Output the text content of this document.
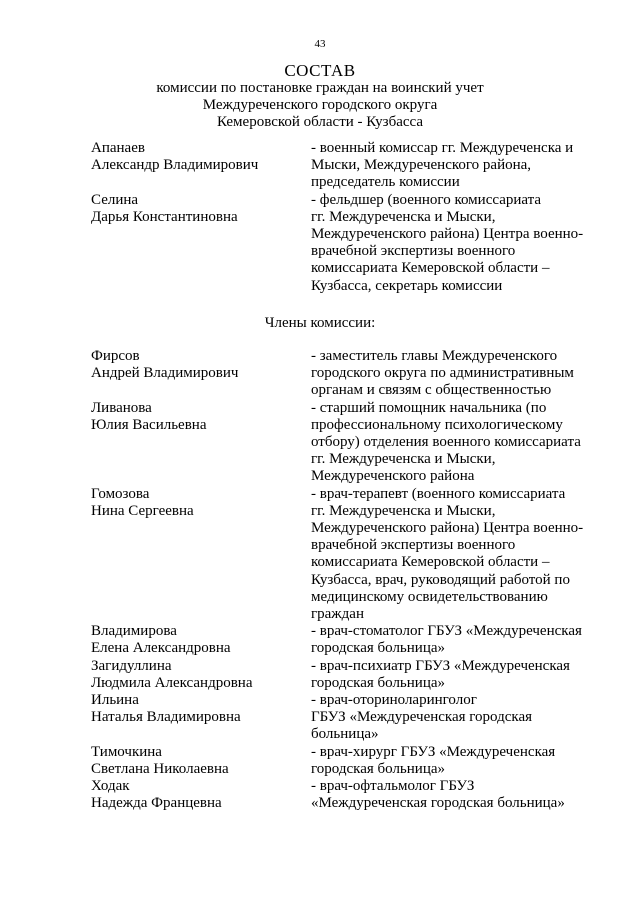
43
СОСТАВ
комиссии по постановке граждан на воинский учет
Междуреченского городского округа
Кемеровской области - Кузбасса
Апанаев
Александр Владимирович
- военный комиссар гг. Междуреченска и
Мыски, Междуреченского района,
председатель комиссии
Селина
Дарья Константиновна
- фельдшер (военного комиссариата
гг. Междуреченска и Мыски,
Междуреченского района) Центра военно-
врачебной экспертизы военного
комиссариата Кемеровской области –
Кузбасса, секретарь комиссии
Члены комиссии:
Фирсов
Андрей Владимирович
- заместитель главы Междуреченского
городского округа по административным
органам и связям с общественностью
Ливанова
Юлия Васильевна
- старший помощник начальника (по
профессиональному психологическому
отбору) отделения военного комиссариата
гг. Междуреченска и Мыски,
Междуреченского района
Гомозова
Нина Сергеевна
- врач-терапевт (военного комиссариата
гг. Междуреченска и Мыски,
Междуреченского района) Центра военно-
врачебной экспертизы военного
комиссариата Кемеровской области –
Кузбасса, врач, руководящий работой по
медицинскому освидетельствованию
граждан
Владимирова
Елена Александровна
- врач-стоматолог ГБУЗ «Междуреченская
городская больница»
Загидуллина
Людмила Александровна
- врач-психиатр ГБУЗ «Междуреченская
городская больница»
Ильина
Наталья Владимировна
- врач-оториноларинголог
ГБУЗ «Междуреченская городская
больница»
Тимочкина
Светлана Николаевна
- врач-хирург ГБУЗ «Междуреченская
городская больница»
Ходак
Надежда Францевна
- врач-офтальмолог ГБУЗ
«Междуреченская городская больница»
